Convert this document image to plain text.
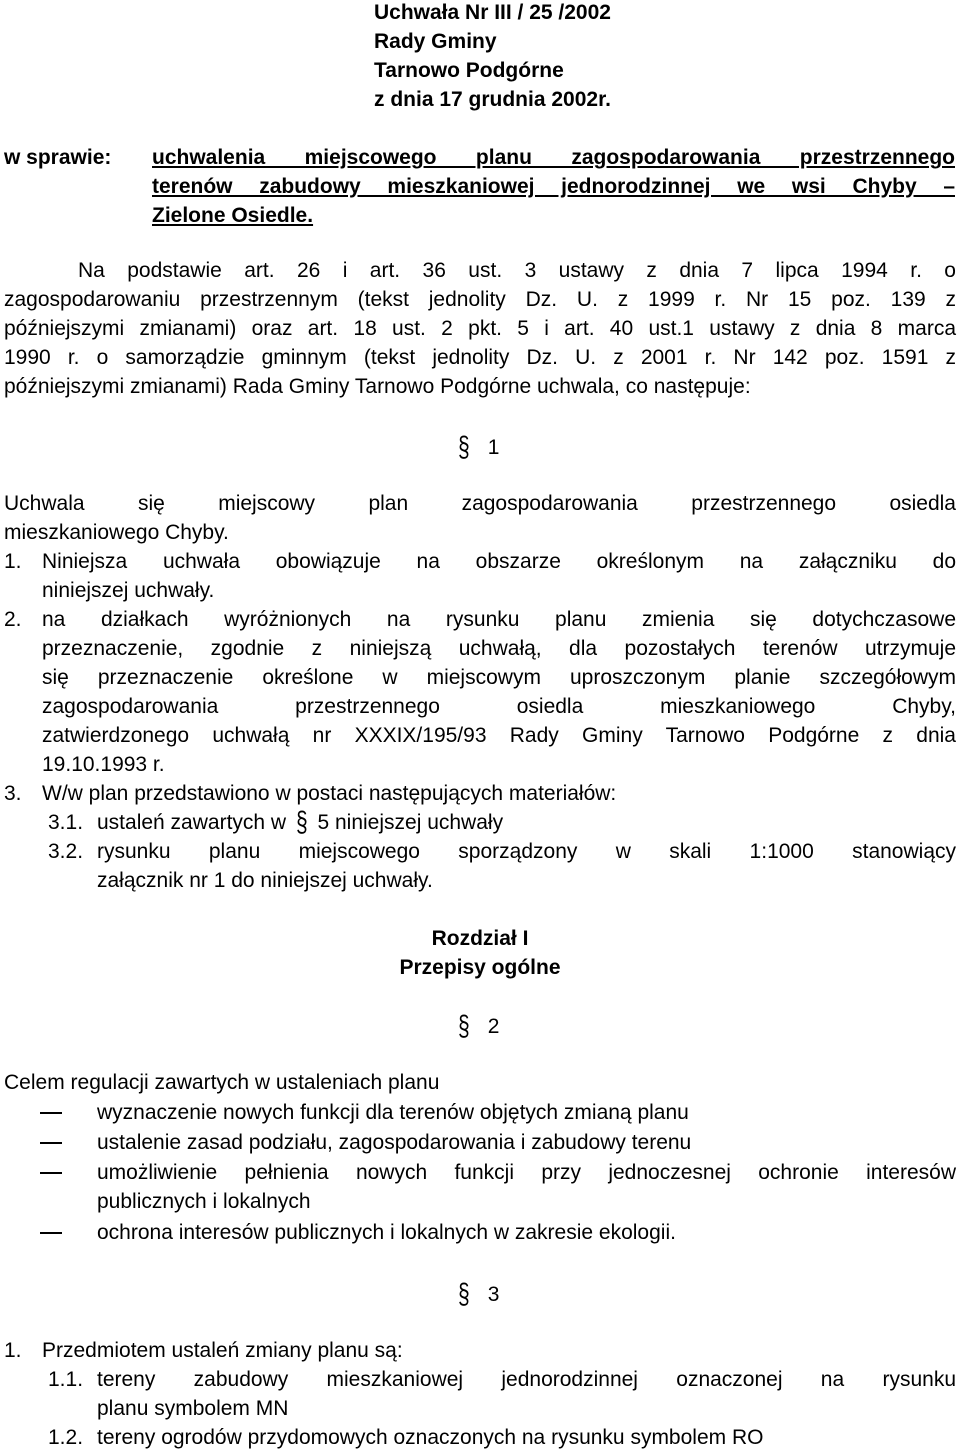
Uchwała Nr III / 25 /2002
Rady Gminy
Tarnowo Podgórne
z dnia 17 grudnia 2002r.
w sprawie: uchwalenia miejscowego planu zagospodarowania przestrzennego
terenów zabudowy mieszkaniowej jednorodzinnej we wsi Chyby –
Zielone Osiedle.
Na podstawie art. 26 i art. 36 ust. 3 ustawy z dnia 7 lipca 1994 r. o
zagospodarowaniu przestrzennym (tekst jednolity Dz. U. z 1999 r. Nr 15 poz. 139 z
późniejszymi zmianami) oraz art. 18 ust. 2 pkt. 5 i art. 40 ust.1 ustawy z dnia 8 marca
1990 r. o samorządzie gminnym (tekst jednolity Dz. U. z 2001 r. Nr 142 poz. 1591 z
późniejszymi zmianami) Rada Gminy Tarnowo Podgórne uchwala, co następuje:
§ 1
Uchwala się miejscowy plan zagospodarowania przestrzennego osiedla
mieszkaniowego Chyby.
1. Niniejsza uchwała obowiązuje na obszarze określonym na załączniku do
niniejszej uchwały.
2. na działkach wyróżnionych na rysunku planu zmienia się dotychczasowe
przeznaczenie, zgodnie z niniejszą uchwałą, dla pozostałych terenów utrzymuje
się przeznaczenie określone w miejscowym uproszczonym planie szczegółowym
zagospodarowania przestrzennego osiedla mieszkaniowego Chyby,
zatwierdzonego uchwałą nr XXXIX/195/93 Rady Gminy Tarnowo Podgórne z dnia
19.10.1993 r.
3. W/w plan przedstawiono w postaci następujących materiałów:
3.1. ustaleń zawartych w § 5 niniejszej uchwały
3.2. rysunku planu miejscowego sporządzony w skali 1:1000 stanowiący
załącznik nr 1 do niniejszej uchwały.
Rozdział I
Przepisy ogólne
§ 2
Celem regulacji zawartych w ustaleniach planu
wyznaczenie nowych funkcji dla terenów objętych zmianą planu
ustalenie zasad podziału, zagospodarowania i zabudowy terenu
umożliwienie pełnienia nowych funkcji przy jednoczesnej ochronie interesów
publicznych i lokalnych
ochrona interesów publicznych i lokalnych w zakresie ekologii.
§ 3
1. Przedmiotem ustaleń zmiany planu są:
1.1. tereny zabudowy mieszkaniowej jednorodzinnej oznaczonej na rysunku
planu symbolem MN
1.2. tereny ogrodów przydomowych oznaczonych na rysunku symbolem RO
